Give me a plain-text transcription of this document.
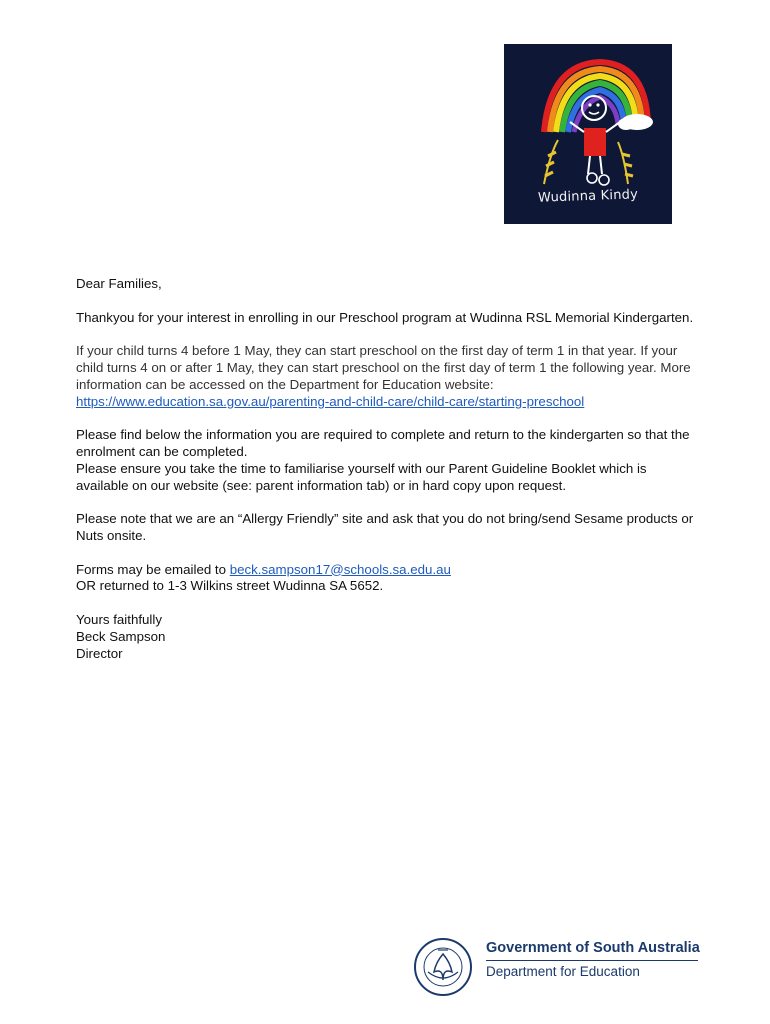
Wudinna Kindy

Dear Families,

Thankyou for your interest in enrolling in our Preschool program at Wudinna RSL Memorial Kindergarten.

If your child turns 4 before 1 May, they can start preschool on the first day of term 1 in that year. If your child turns 4 on or after 1 May, they can start preschool on the first day of term 1 the following year. More information can be accessed on the Department for Education website:
https://www.education.sa.gov.au/parenting-and-child-care/child-care/starting-preschool

Please find below the information you are required to complete and return to the kindergarten so that the enrolment can be completed.
Please ensure you take the time to familiarise yourself with our Parent Guideline Booklet which is available on our website (see: parent information tab) or in hard copy upon request.

Please note that we are an “Allergy Friendly” site and ask that you do not bring/send Sesame products or Nuts onsite.

Forms may be emailed to beck.sampson17@schools.sa.edu.au
OR returned to 1-3 Wilkins street Wudinna SA 5652.

Yours faithfully

Beck Sampson

Director

Government of South Australia
Department for Education
